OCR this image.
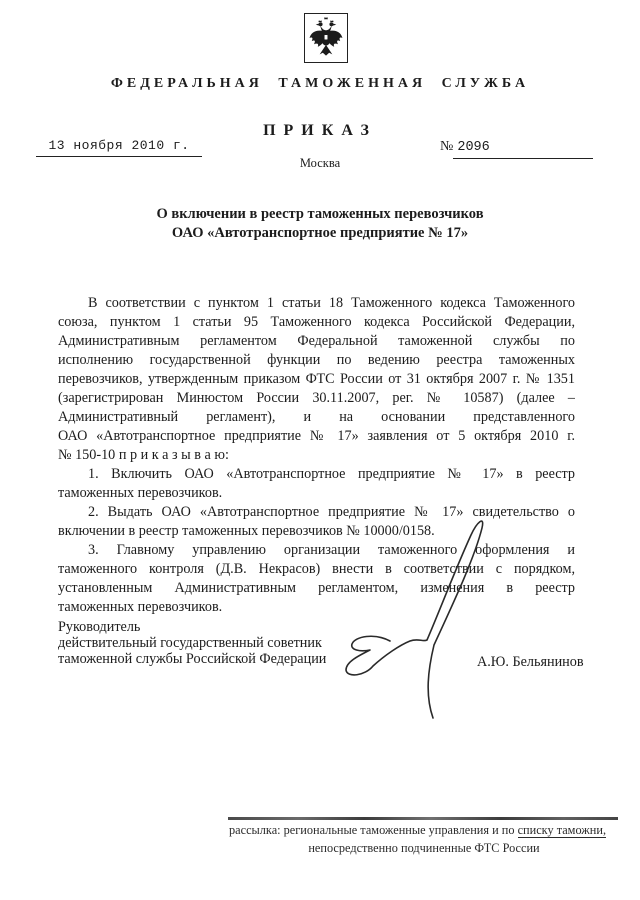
ФЕДЕРАЛЬНАЯ ТАМОЖЕННАЯ СЛУЖБА
ПРИКАЗ
13 ноября 2010 г.	№ 2096
Москва
О включении в реестр таможенных перевозчиков
ОАО «Автотранспортное предприятие № 17»
В соответствии с пунктом 1 статьи 18 Таможенного кодекса Таможенного
союза, пунктом 1 статьи 95 Таможенного кодекса Российской Федерации,
Административным регламентом Федеральной таможенной службы по
исполнению государственной функции по ведению реестра таможенных
перевозчиков, утвержденным приказом ФТС России от 31 октября 2007 г. № 1351
(зарегистрирован Минюстом России 30.11.2007, рег. № 10587) (далее –
Административный регламент), и на основании представленного
ОАО «Автотранспортное предприятие № 17» заявления от 5 октября 2010 г.
№ 150-10 п р и к а з ы в а ю:
1. Включить ОАО «Автотранспортное предприятие № 17» в реестр
таможенных перевозчиков.
2. Выдать ОАО «Автотранспортное предприятие № 17» свидетельство о
включении в реестр таможенных перевозчиков № 10000/0158.
3. Главному управлению организации таможенного оформления и
таможенного контроля (Д.В. Некрасов) внести в соответствии с порядком,
установленным Административным регламентом, изменения в реестр
таможенных перевозчиков.
Руководитель
действительный государственный советник
таможенной службы Российской Федерации	А.Ю. Бельянинов
рассылка: региональные таможенные управления и по списку таможни,
непосредственно подчиненные ФТС России
